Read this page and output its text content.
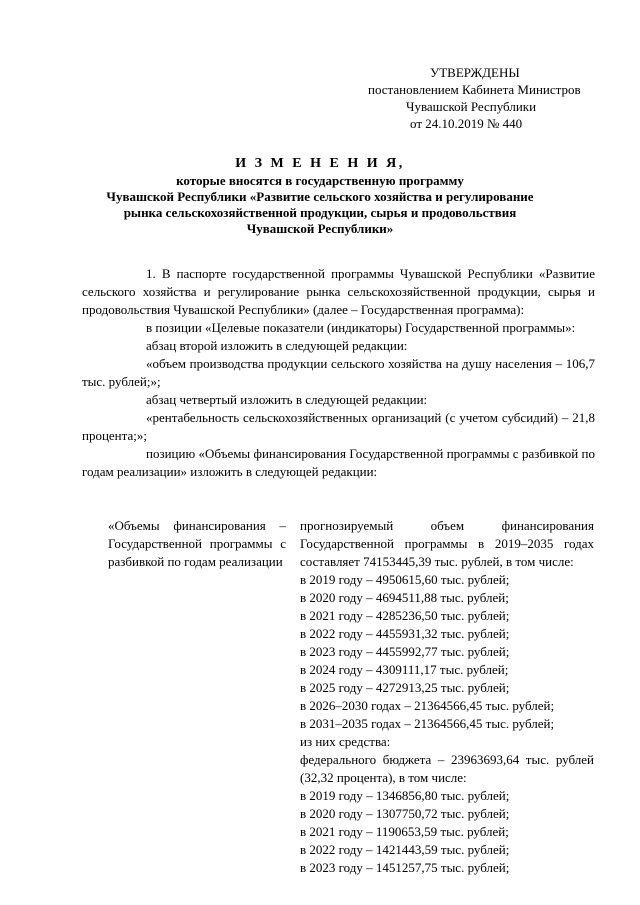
УТВЕРЖДЕНЫ
постановлением Кабинета Министров
Чувашской Республики
от 24.10.2019 № 440
И З М Е Н Е Н И Я,
которые вносятся в государственную программу
Чувашской Республики «Развитие сельского хозяйства и регулирование
рынка сельскохозяйственной продукции, сырья и продовольствия
Чувашской Республики»
1. В паспорте государственной программы Чувашской Республики «Развитие сельского хозяйства и регулирование рынка сельскохозяйственной продукции, сырья и продовольствия Чувашской Республики» (далее – Государственная программа):
в позиции «Целевые показатели (индикаторы) Государственной программы»:
абзац второй изложить в следующей редакции:
«объем производства продукции сельского хозяйства на душу населения – 106,7 тыс. рублей;»;
абзац четвертый изложить в следующей редакции:
«рентабельность сельскохозяйственных организаций (с учетом субсидий) – 21,8 процента;»;
позицию «Объемы финансирования Государственной программы с разбивкой по годам реализации» изложить в следующей редакции:
«Объемы финансирования – Государственной программы с разбивкой по годам реализации
прогнозируемый объем финансирования Государственной программы в 2019–2035 годах составляет 74153445,39 тыс. рублей, в том числе:
в 2019 году – 4950615,60 тыс. рублей;
в 2020 году – 4694511,88 тыс. рублей;
в 2021 году – 4285236,50 тыс. рублей;
в 2022 году – 4455931,32 тыс. рублей;
в 2023 году – 4455992,77 тыс. рублей;
в 2024 году – 4309111,17 тыс. рублей;
в 2025 году – 4272913,25 тыс. рублей;
в 2026–2030 годах – 21364566,45 тыс. рублей;
в 2031–2035 годах – 21364566,45 тыс. рублей;
из них средства:
федерального бюджета – 23963693,64 тыс. рублей (32,32 процента), в том числе:
в 2019 году – 1346856,80 тыс. рублей;
в 2020 году – 1307750,72 тыс. рублей;
в 2021 году – 1190653,59 тыс. рублей;
в 2022 году – 1421443,59 тыс. рублей;
в 2023 году – 1451257,75 тыс. рублей;
